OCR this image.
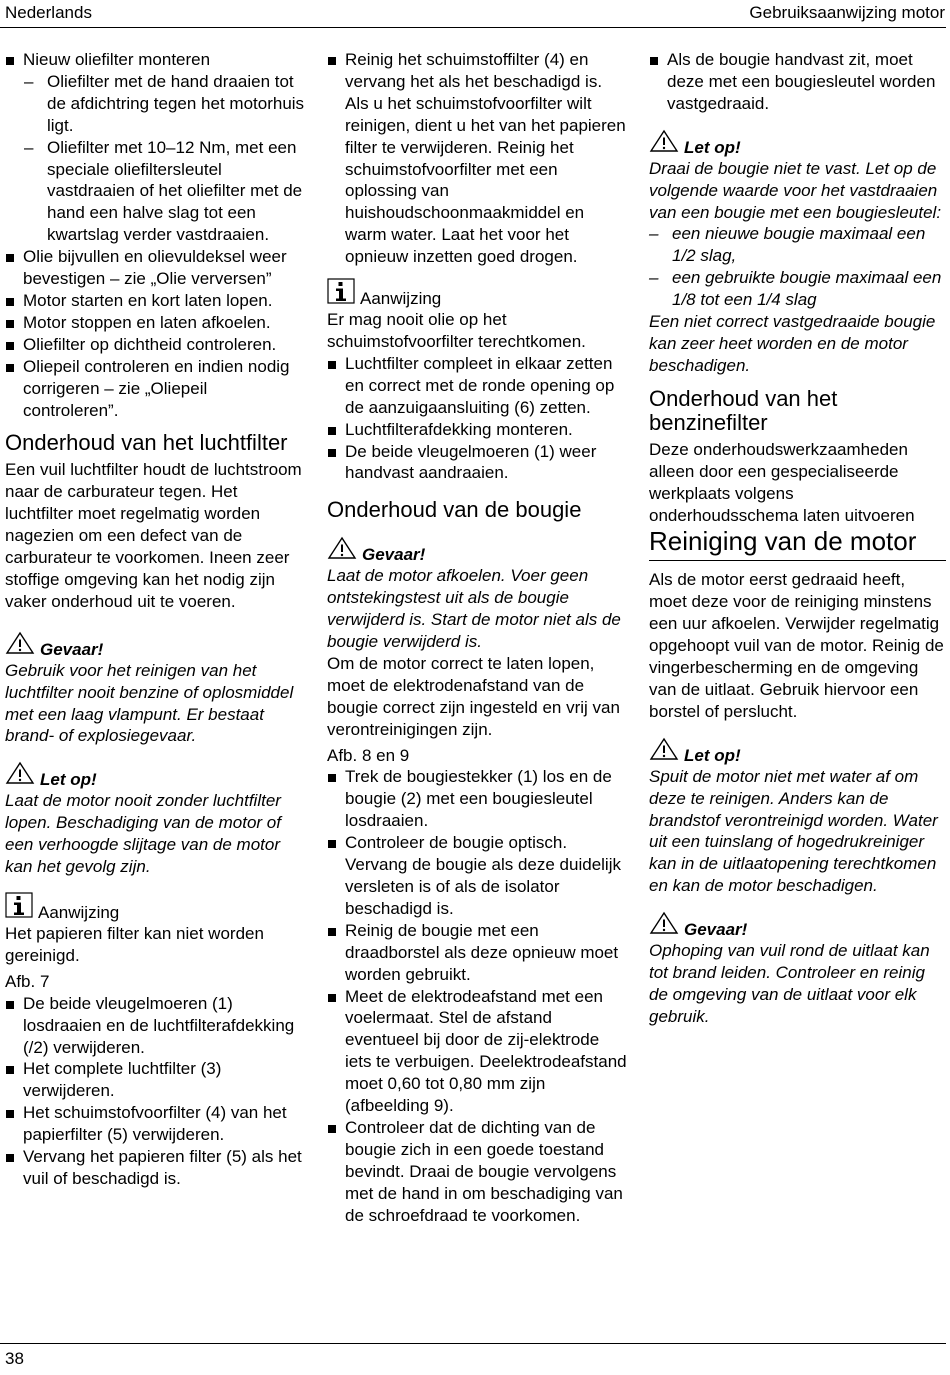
Nederlands	Gebruiksaanwijzing motor
Nieuw oliefilter monteren
– Oliefilter met de hand draaien tot de afdichtring tegen het motorhuis ligt.
– Oliefilter met 10–12 Nm, met een speciale oliefiltersleutel vastdraaien of het oliefilter met de hand een halve slag tot een kwartslag verder vastdraaien.
Olie bijvullen en olievuldeksel weer bevestigen – zie „Olie verversen”
Motor starten en kort laten lopen.
Motor stoppen en laten afkoelen.
Oliefilter op dichtheid controleren.
Oliepeil controleren en indien nodig corrigeren – zie „Oliepeil controleren”.
Onderhoud van het luchtfilter

Een vuil luchtfilter houdt de luchtstroom naar de carburateur tegen. Het luchtfilter moet regelmatig worden nagezien om een defect van de carburateur te voorkomen. Ineen zeer stoffige omgeving kan het nodig zijn vaker onderhoud uit te voeren.

Gevaar!

Gebruik voor het reinigen van het luchtfilter nooit benzine of oplosmiddel met een laag vlampunt. Er bestaat brand- of explosiegevaar.

Let op!

Laat de motor nooit zonder luchtfilter lopen. Beschadiging van de motor of een verhoogde slijtage van de motor kan het gevolg zijn.

Aanwijzing

Het papieren filter kan niet worden gereinigd.

Afb. 7

De beide vleugelmoeren (1) losdraaien en de luchtfilterafdekking (/2) verwijderen.
Het complete luchtfilter (3) verwijderen.
Het schuimstofvoorfilter (4) van het papierfilter (5) verwijderen.
Vervang het papieren filter (5) als het vuil of beschadigd is.
Reinig het schuimstoffilter (4) en vervang het als het beschadigd is.

Als u het schuimstofvoorfilter wilt reinigen, dient u het van het papieren filter te verwijderen. Reinig het schuimstofvoorfilter met een oplossing van huishoudschoonmaakmiddel en warm water. Laat het voor het opnieuw inzetten goed drogen.

Aanwijzing

Er mag nooit olie op het schuimstofvoorfilter terechtkomen.

Luchtfilter compleet in elkaar zetten en correct met de ronde opening op de aanzuigaansluiting (6) zetten.
Luchtfilterafdekking monteren.
De beide vleugelmoeren (1) weer handvast aandraaien.
Onderhoud van de bougie
Gevaar!

Laat de motor afkoelen. Voer geen ontstekingstest uit als de bougie verwijderd is. Start de motor niet als de bougie verwijderd is.

Om de motor correct te laten lopen, moet de elektrodenafstand van de bougie correct zijn ingesteld en vrij van verontreinigingen zijn.

Afb. 8 en 9

Trek de bougiestekker (1) los en de bougie (2) met een bougiesleutel losdraaien.
Controleer de bougie optisch. Vervang de bougie als deze duidelijk versleten is of als de isolator beschadigd is.
Reinig de bougie met een draadborstel als deze opnieuw moet worden gebruikt.
Meet de elektrodeafstand met een voelermaat. Stel de afstand eventueel bij door de zij-elektrode iets te verbuigen. Deelektrodeafstand moet 0,60 tot 0,80 mm zijn (afbeelding 9).
Controleer dat de dichting van de bougie zich in een goede toestand bevindt. Draai de bougie vervolgens met de hand in om beschadiging van de schroefdraad te voorkomen.
Als de bougie handvast zit, moet deze met een bougiesleutel worden vastgedraaid.
Let op!

Draai de bougie niet te vast. Let op de volgende waarde voor het vastdraaien van een bougie met een bougiesleutel:

– een nieuwe bougie maximaal een 1/2 slag,
– een gebruikte bougie maximaal een 1/8 tot een 1/4 slag

Een niet correct vastgedraaide bougie kan zeer heet worden en de motor beschadigen.

Onderhoud van het benzinefilter

Deze onderhoudswerkzaamheden alleen door een gespecialiseerde werkplaats volgens onderhoudsschema laten uitvoeren

Reiniging van de motor

Als de motor eerst gedraaid heeft, moet deze voor de reiniging minstens een uur afkoelen. Verwijder regelmatig opgehoopt vuil van de motor. Reinig de vingerbescherming en de omgeving van de uitlaat. Gebruik hiervoor een borstel of perslucht.

Let op!

Spuit de motor niet met water af om deze te reinigen. Anders kan de brandstof verontreinigd worden. Water uit een tuinslang of hogedrukreiniger kan in de uitlaatopening terechtkomen en kan de motor beschadigen.

Gevaar!

Ophoping van vuil rond de uitlaat kan tot brand leiden. Controleer en reinig de omgeving van de uitlaat voor elk gebruik.

38
